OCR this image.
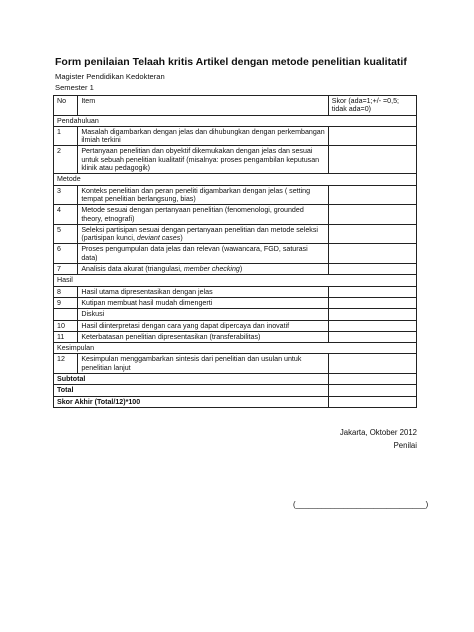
Form penilaian Telaah kritis Artikel dengan metode penelitian kualitatif
Magister Pendidikan Kedokteran
Semester 1
No	Item	Skor (ada=1;+/- =0,5; tidak ada=0)
Pendahuluan		
1	Masalah digambarkan dengan jelas dan dihubungkan dengan perkembangan ilmiah terkini	
2	Pertanyaan penelitian dan obyektif dikemukakan dengan jelas dan sesuai untuk sebuah penelitian kualitatif (misalnya: proses pengambilan keputusan klinik atau pedagogik)	
Metode		
3	Konteks penelitian dan peran peneliti digambarkan dengan jelas ( setting tempat penelitian berlangsung, bias)	
4	Metode sesuai dengan pertanyaan penelitian (fenomenologi, grounded theory, etnografi)	
5	Seleksi partisipan sesuai dengan pertanyaan penelitian dan metode seleksi (partisipan kunci, deviant cases)	
6	Proses pengumpulan data jelas dan relevan (wawancara, FGD, saturasi data)	
7	Analisis data akurat (triangulasi, member checking)	
Hasil		
8	Hasil utama dipresentasikan dengan jelas	
9	Kutipan membuat hasil mudah dimengerti	
	Diskusi	
10	Hasil diinterpretasi dengan cara yang dapat dipercaya dan inovatif	
11	Keterbatasan penelitian dipresentasikan (transferabilitas)	
Kesimpulan		
12	Kesimpulan menggambarkan sintesis dari penelitian dan usulan untuk penelitian lanjut	
Subtotal		
Total		
Skor Akhir (Total/12)*100		
Jakarta, Oktober 2012
Penilai
(______________________________)
